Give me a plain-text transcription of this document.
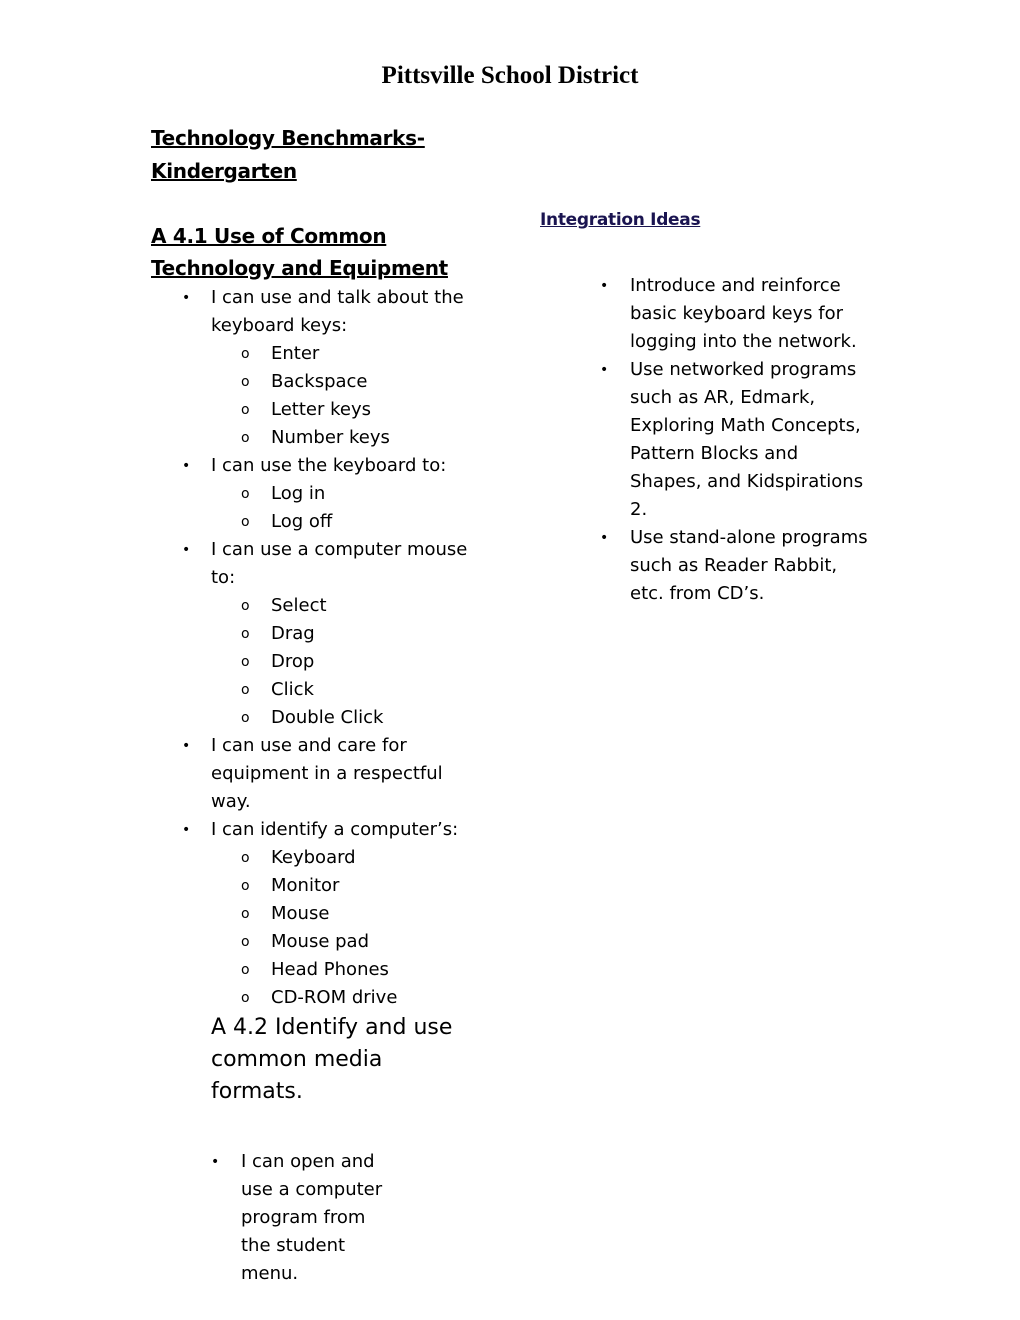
Pittsville School District
Technology Benchmarks- Kindergarten
A 4.1 Use of Common Technology and Equipment
• I can use and talk about the keyboard keys:
o Enter
o Backspace
o Letter keys
o Number keys
• I can use the keyboard to:
o Log in
o Log off
• I can use a computer mouse to:
o Select
o Drag
o Drop
o Click
o Double Click
• I can use and care for equipment in a respectful way.
• I can identify a computer’s:
o Keyboard
o Monitor
o Mouse
o Mouse pad
o Head Phones
o CD-ROM drive
A 4.2 Identify and use common media formats.
• I can open and use a computer program from the student menu.
Integration Ideas
• Introduce and reinforce basic keyboard keys for logging into the network.
• Use networked programs such as AR, Edmark, Exploring Math Concepts, Pattern Blocks and Shapes, and Kidspirations 2.
• Use stand-alone programs such as Reader Rabbit, etc. from CD’s.
